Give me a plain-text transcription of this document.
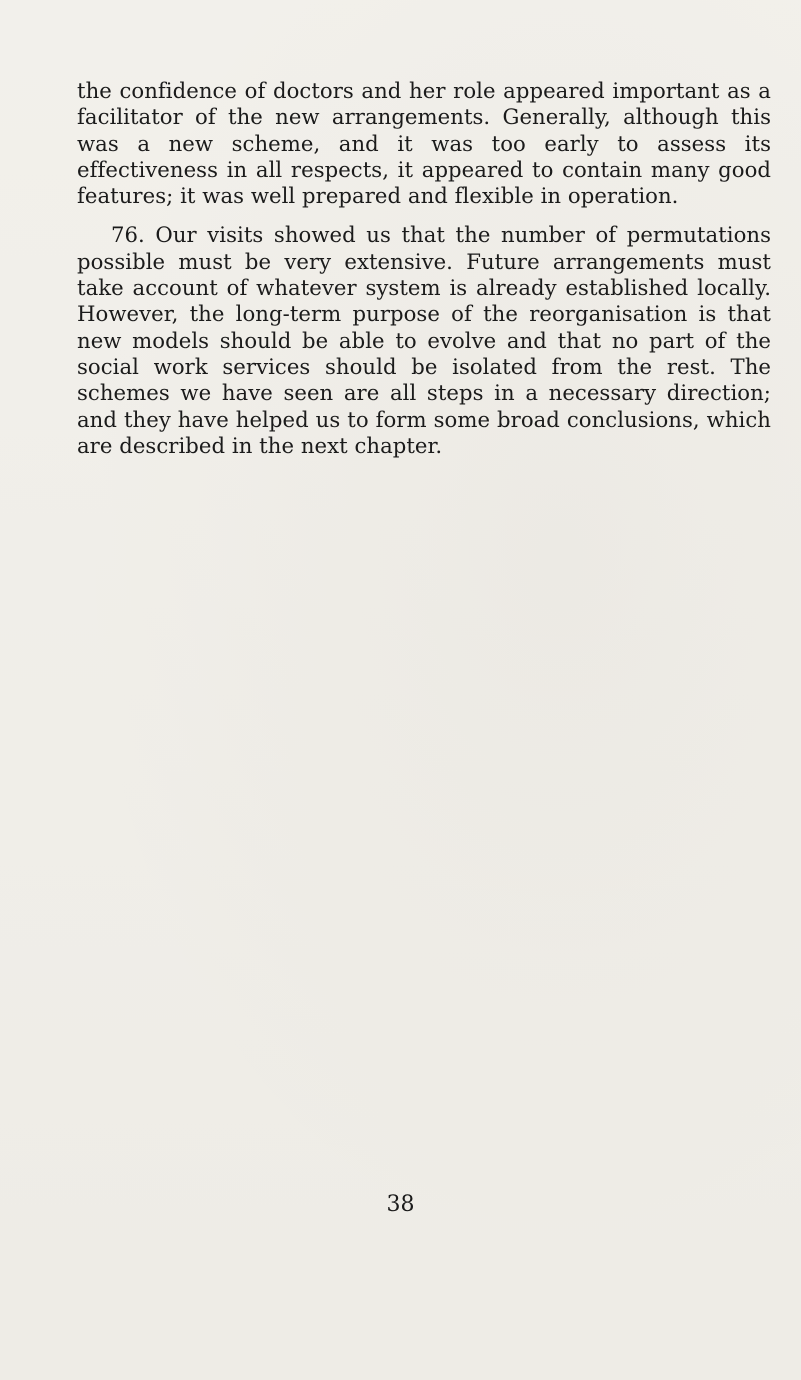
the confidence of doctors and her role appeared important as a facilitator of the new arrangements. Generally, although this was a new scheme, and it was too early to assess its effectiveness in all respects, it appeared to contain many good features; it was well prepared and flexible in operation.

76. Our visits showed us that the number of permutations possible must be very extensive. Future arrangements must take account of whatever system is already established locally. However, the long-term purpose of the reorganisation is that new models should be able to evolve and that no part of the social work services should be isolated from the rest. The schemes we have seen are all steps in a necessary direction; and they have helped us to form some broad conclusions, which are described in the next chapter.

38
